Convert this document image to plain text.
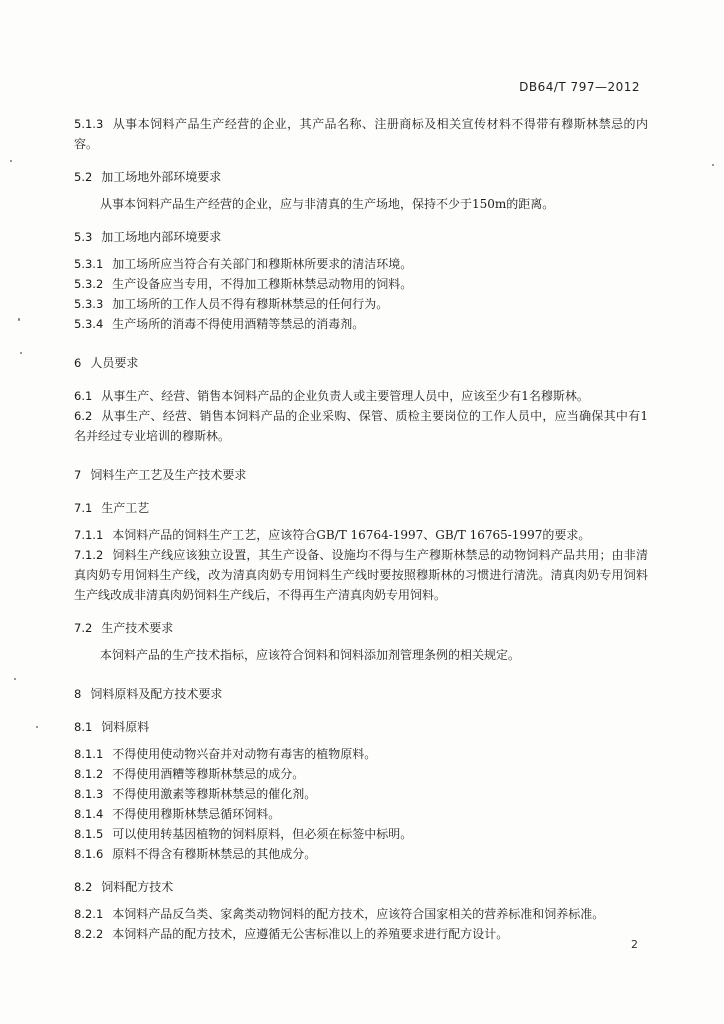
DB64/T 797—2012

5.1.3 从事本饲料产品生产经营的企业，其产品名称、注册商标及相关宣传材料不得带有穆斯林禁忌的内容。

5.2 加工场地外部环境要求

从事本饲料产品生产经营的企业，应与非清真的生产场地，保持不少于150m的距离。

5.3 加工场地内部环境要求

5.3.1 加工场所应当符合有关部门和穆斯林所要求的清洁环境。

5.3.2 生产设备应当专用，不得加工穆斯林禁忌动物用的饲料。

5.3.3 加工场所的工作人员不得有穆斯林禁忌的任何行为。

5.3.4 生产场所的消毒不得使用酒精等禁忌的消毒剂。

6 人员要求

6.1 从事生产、经营、销售本饲料产品的企业负责人或主要管理人员中，应该至少有1名穆斯林。

6.2 从事生产、经营、销售本饲料产品的企业采购、保管、质检主要岗位的工作人员中，应当确保其中有1名并经过专业培训的穆斯林。

7 饲料生产工艺及生产技术要求

7.1 生产工艺

7.1.1 本饲料产品的饲料生产工艺，应该符合GB/T 16764-1997、GB/T 16765-1997的要求。

7.1.2 饲料生产线应该独立设置，其生产设备、设施均不得与生产穆斯林禁忌的动物饲料产品共用；由非清真肉奶专用饲料生产线，改为清真肉奶专用饲料生产线时要按照穆斯林的习惯进行清洗。清真肉奶专用饲料生产线改成非清真肉奶饲料生产线后，不得再生产清真肉奶专用饲料。

7.2 生产技术要求

本饲料产品的生产技术指标，应该符合饲料和饲料添加剂管理条例的相关规定。

8 饲料原料及配方技术要求

8.1 饲料原料

8.1.1 不得使用使动物兴奋并对动物有毒害的植物原料。

8.1.2 不得使用酒糟等穆斯林禁忌的成分。

8.1.3 不得使用激素等穆斯林禁忌的催化剂。

8.1.4 不得使用穆斯林禁忌循环饲料。

8.1.5 可以使用转基因植物的饲料原料，但必须在标签中标明。

8.1.6 原料不得含有穆斯林禁忌的其他成分。

8.2 饲料配方技术

8.2.1 本饲料产品反刍类、家禽类动物饲料的配方技术，应该符合国家相关的营养标准和饲养标准。

8.2.2 本饲料产品的配方技术，应遵循无公害标准以上的养殖要求进行配方设计。

2
